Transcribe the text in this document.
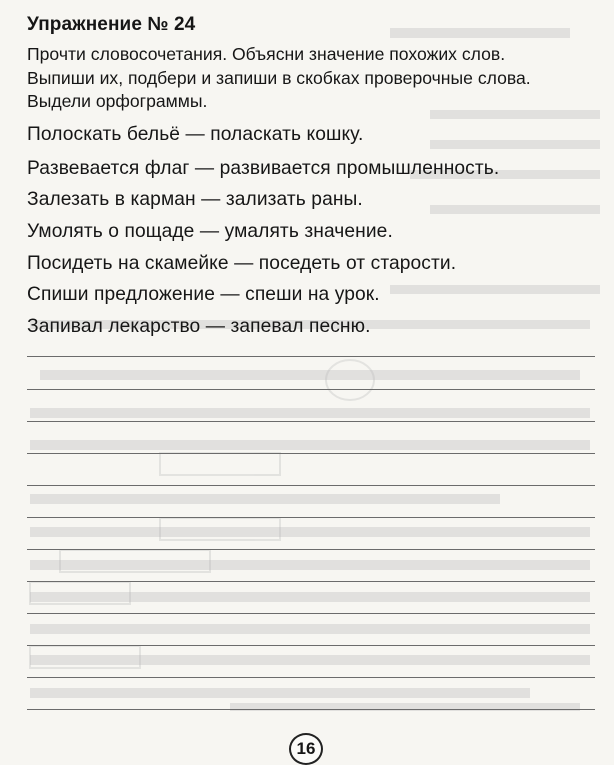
Упражнение № 24
Прочти словосочетания. Объясни значение похожих слов.
Выпиши их, подбери и запиши в скобках проверочные слова.
Выдели орфограммы.
Полоскать бельё — поласкать кошку.
Развевается флаг — развивается промышленность.
Залезать в карман — зализать раны.
Умолять о пощаде — умалять значение.
Посидеть на скамейке — поседеть от старости.
Спиши предложение — спеши на урок.
Запивал лекарство — запевал песню.
16
